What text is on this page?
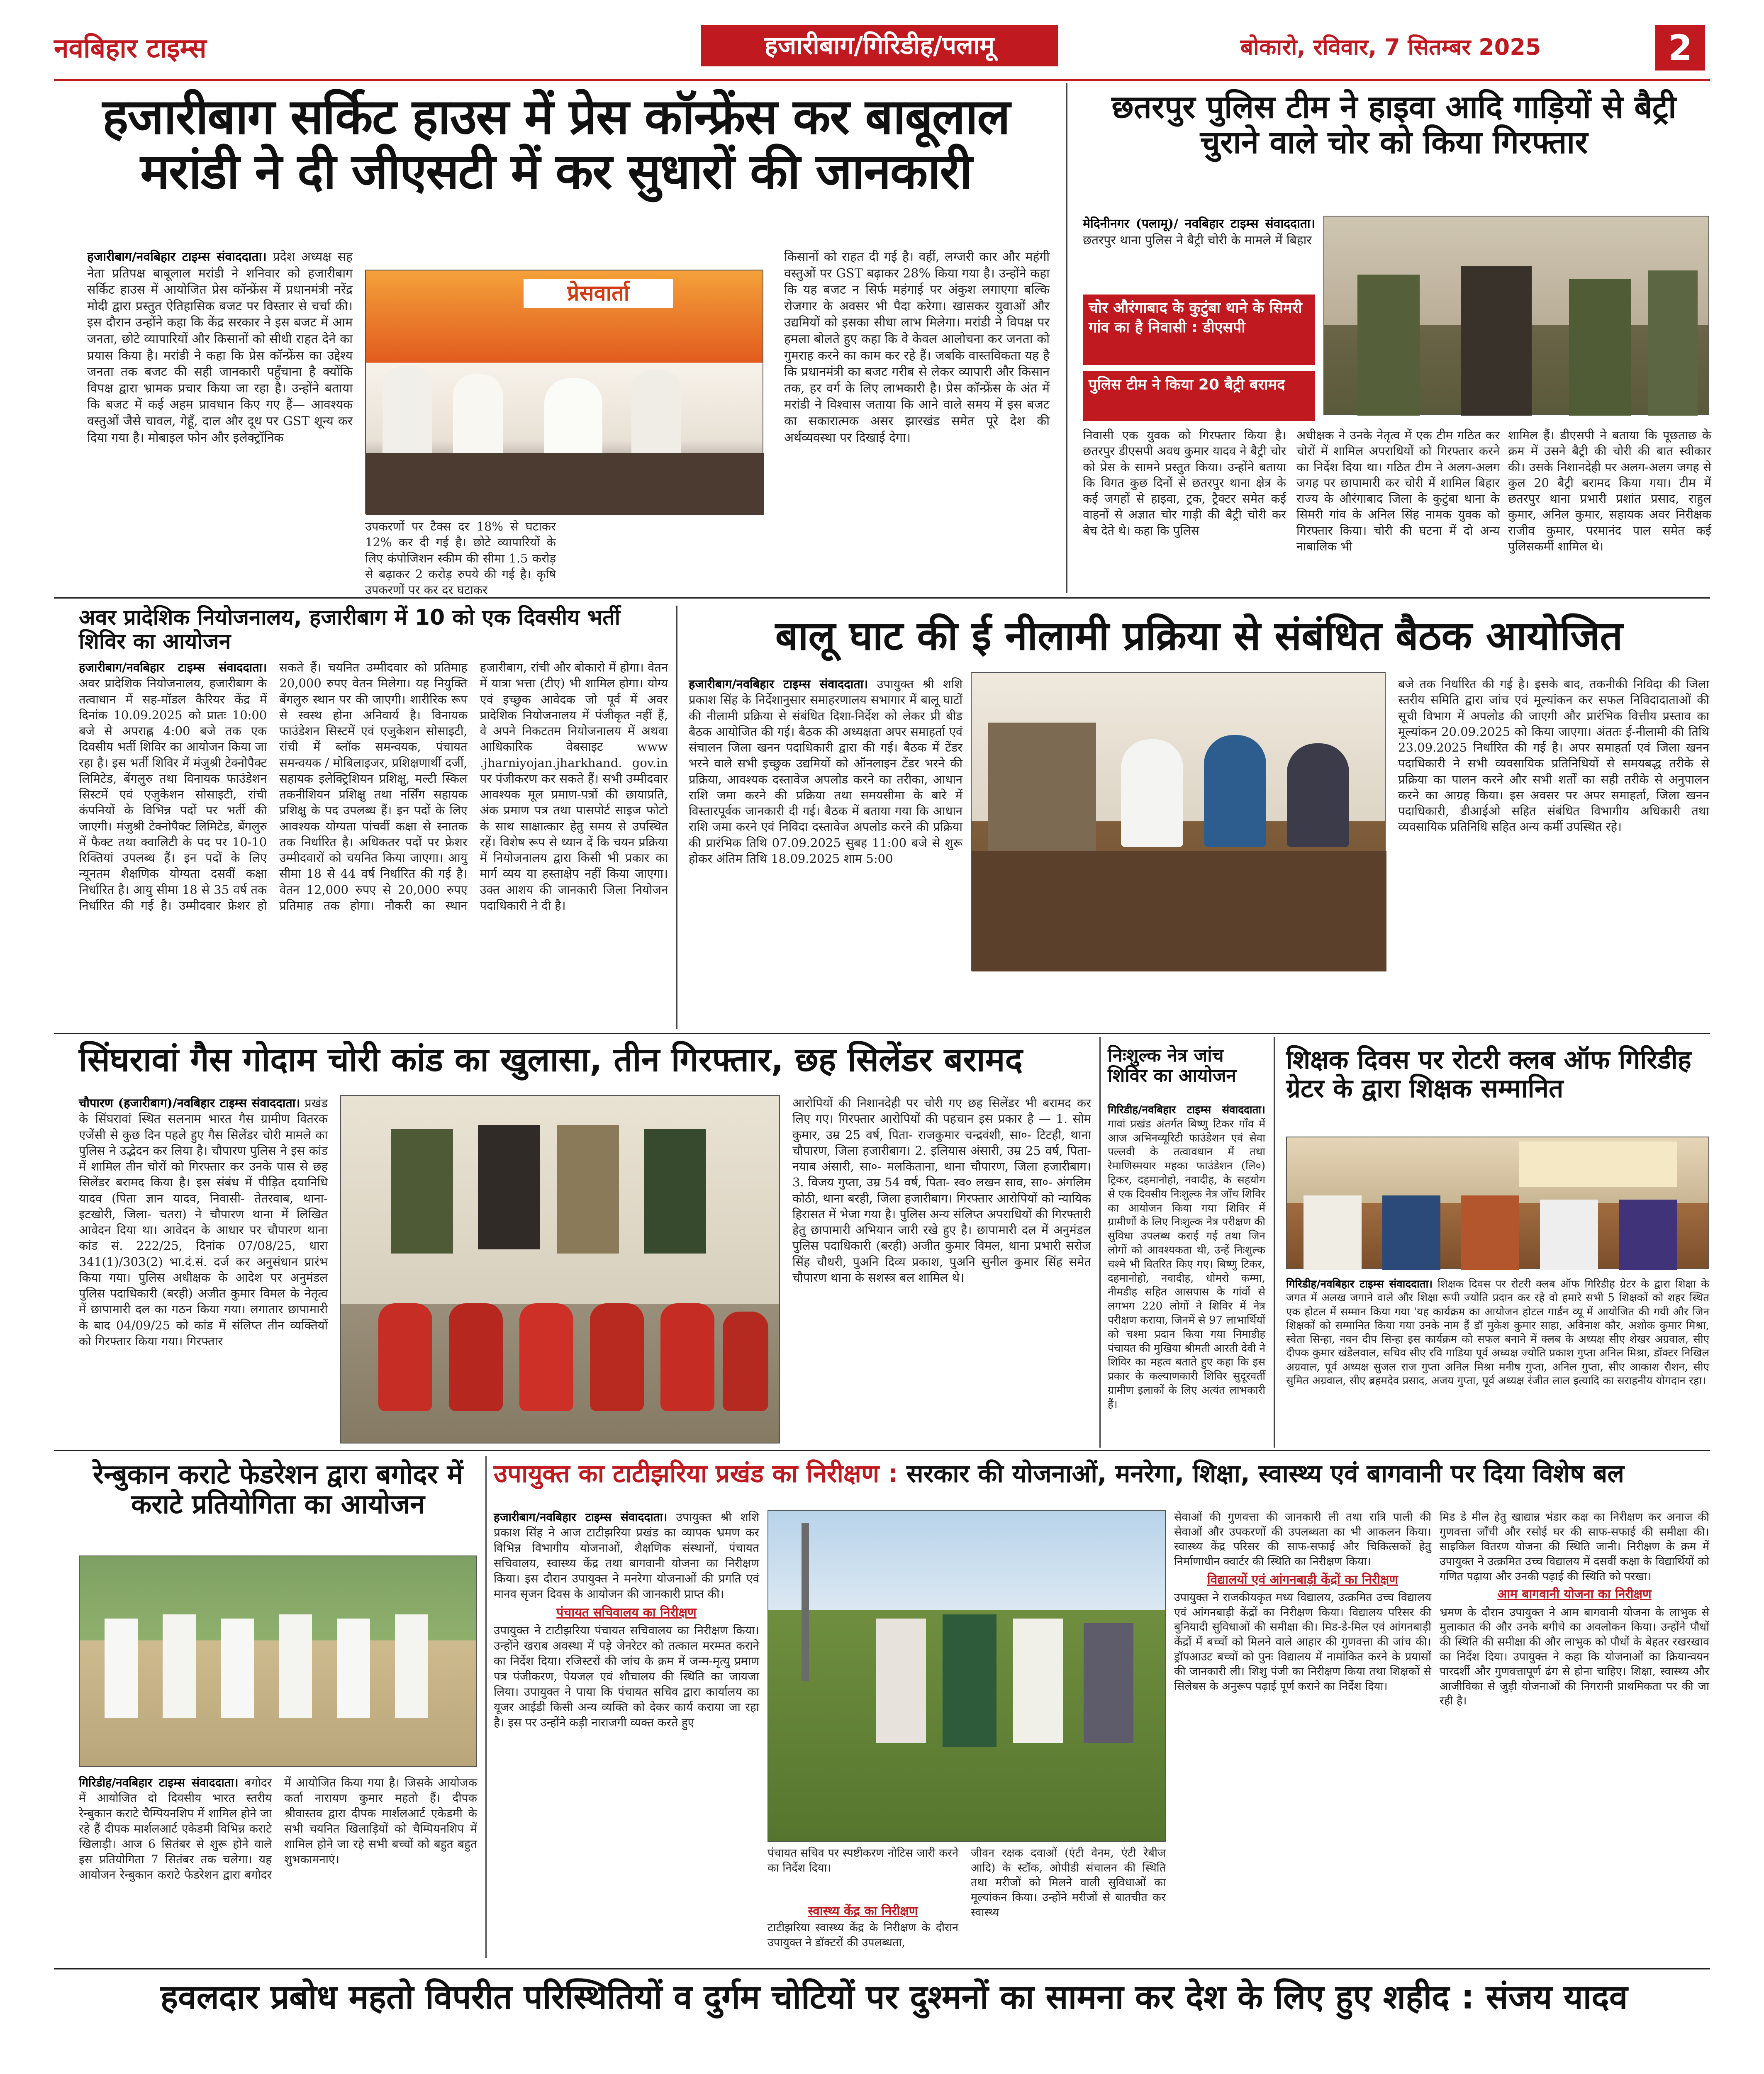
नवबिहार टाइम्स	हजारीबाग/गिरिडीह/पलामू	बोकारो, रविवार, 7 सितम्बर 2025	2
हजारीबाग सर्किट हाउस में प्रेस कॉन्फ्रेंस कर बाबूलाल मरांडी ने दी जीएसटी में कर सुधारों की जानकारी
हजारीबाग/नवबिहार टाइम्स संवाददाता। प्रदेश अध्यक्ष सह नेता प्रतिपक्ष बाबूलाल मरांडी ने शनिवार को हजारीबाग सर्किट हाउस में आयोजित प्रेस कॉन्फ्रेंस में प्रधानमंत्री नरेंद्र मोदी द्वारा प्रस्तुत ऐतिहासिक बजट पर विस्तार से चर्चा की। इस दौरान उन्होंने कहा कि केंद्र सरकार ने इस बजट में आम जनता, छोटे व्यापारियों और किसानों को सीधी राहत देने का प्रयास किया है। मरांडी ने कहा कि प्रेस कॉन्फ्रेंस का उद्देश्य जनता तक बजट की सही जानकारी पहुँचाना है क्योंकि विपक्ष द्वारा भ्रामक प्रचार किया जा रहा है। उन्होंने बताया कि बजट में कई अहम प्रावधान किए गए हैं— आवश्यक वस्तुओं जैसे चावल, गेहूँ, दाल और दूध पर GST शून्य कर दिया गया है। मोबाइल फोन और इलेक्ट्रॉनिक
प्रेसवार्ता
उपकरणों पर टैक्स दर 18% से घटाकर 12% कर दी गई है। छोटे व्यापारियों के लिए कंपोजिशन स्कीम की सीमा 1.5 करोड़ से बढ़ाकर 2 करोड़ रुपये की गई है। कृषि उपकरणों पर कर दर घटाकर
किसानों को राहत दी गई है। वहीं, लग्जरी कार और महंगी वस्तुओं पर GST बढ़ाकर 28% किया गया है। उन्होंने कहा कि यह बजट न सिर्फ महंगाई पर अंकुश लगाएगा बल्कि रोजगार के अवसर भी पैदा करेगा। खासकर युवाओं और उद्यमियों को इसका सीधा लाभ मिलेगा। मरांडी ने विपक्ष पर हमला बोलते हुए कहा कि वे केवल आलोचना कर जनता को गुमराह करने का काम कर रहे हैं। जबकि वास्तविकता यह है कि प्रधानमंत्री का बजट गरीब से लेकर व्यापारी और किसान तक, हर वर्ग के लिए लाभकारी है। प्रेस कॉन्फ्रेंस के अंत में मरांडी ने विश्वास जताया कि आने वाले समय में इस बजट का सकारात्मक असर झारखंड समेत पूरे देश की अर्थव्यवस्था पर दिखाई देगा।
छतरपुर पुलिस टीम ने हाइवा आदि गाड़ियों से बैट्री चुराने वाले चोर को किया गिरफ्तार
मेदिनीनगर (पलामू)/ नवबिहार टाइम्स संवाददाता। छतरपुर थाना पुलिस ने बैट्री चोरी के मामले में बिहार
चोर औरंगाबाद के कुटुंबा थाने के सिमरी गांव का है निवासी : डीएसपी
पुलिस टीम ने किया 20 बैट्री बरामद
निवासी एक युवक को गिरफ्तार किया है। छतरपुर डीएसपी अवध कुमार यादव ने बैट्री चोर को प्रेस के सामने प्रस्तुत किया। उन्होंने बताया कि विगत कुछ दिनों से छतरपुर थाना क्षेत्र के कई जगहों से हाइवा, ट्रक, ट्रैक्टर समेत कई वाहनों से अज्ञात चोर गाड़ी की बैट्री चोरी कर बेच देते थे। कहा कि पुलिस
अधीक्षक ने उनके नेतृत्व में एक टीम गठित कर चोरों में शामिल अपराधियों को गिरफ्तार करने का निर्देश दिया था। गठित टीम ने अलग-अलग जगह पर छापामारी कर चोरी में शामिल बिहार राज्य के औरंगाबाद जिला के कुटुंबा थाना के सिमरी गांव के अनिल सिंह नामक युवक को गिरफ्तार किया। चोरी की घटना में दो अन्य नाबालिक भी
शामिल हैं। डीएसपी ने बताया कि पूछताछ के क्रम में उसने बैट्री की चोरी की बात स्वीकार की। उसके निशानदेही पर अलग-अलग जगह से कुल 20 बैट्री बरामद किया गया। टीम में छतरपुर थाना प्रभारी प्रशांत प्रसाद, राहुल कुमार, अनिल कुमार, सहायक अवर निरीक्षक राजीव कुमार, परमानंद पाल समेत कई पुलिसकर्मी शामिल थे।
अवर प्रादेशिक नियोजनालय, हजारीबाग में 10 को एक दिवसीय भर्ती शिविर का आयोजन
हजारीबाग/नवबिहार टाइम्स संवाददाता। अवर प्रादेशिक नियोजनालय, हजारीबाग के तत्वाधान में सह-मॉडल कैरियर केंद्र में दिनांक 10.09.2025 को प्रातः 10:00 बजे से अपराह्न 4:00 बजे तक एक दिवसीय भर्ती शिविर का आयोजन किया जा रहा है। इस भर्ती शिविर में मंजुश्री टेक्नोपैक्ट लिमिटेड, बेंगलुरु तथा विनायक फाउंडेशन सिस्टमें एवं एजुकेशन सोसाइटी, रांची कंपनियों के विभिन्न पदों पर भर्ती की जाएगी। मंजुश्री टेक्नोपैक्ट लिमिटेड, बेंगलुरु में फैक्ट तथा क्वालिटी के पद पर 10-10 रिक्तियां उपलब्ध हैं। इन पदों के लिए न्यूनतम शैक्षणिक योग्यता दसवीं कक्षा निर्धारित है। आयु सीमा 18 से 35 वर्ष तक निर्धारित की गई है। उम्मीदवार फ्रेशर हो सकते हैं। चयनित उम्मीदवार को प्रतिमाह 20,000 रुपए वेतन मिलेगा। यह नियुक्ति बेंगलुरु स्थान पर की जाएगी। शारीरिक रूप से स्वस्थ होना अनिवार्य है। विनायक फाउंडेशन सिस्टमें एवं एजुकेशन सोसाइटी, रांची में ब्लॉक समन्वयक, पंचायत समन्वयक / मोबिलाइजर, प्रशिक्षणार्थी दर्जी, सहायक इलेक्ट्रिशियन प्रशिक्षु, मल्टी स्किल तकनीशियन प्रशिक्षु तथा नर्सिंग सहायक प्रशिक्षु के पद उपलब्ध हैं। इन पदों के लिए आवश्यक योग्यता पांचवीं कक्षा से स्नातक तक निर्धारित है। अधिकतर पदों पर फ्रेशर उम्मीदवारों को चयनित किया जाएगा। आयु सीमा 18 से 44 वर्ष निर्धारित की गई है। वेतन 12,000 रुपए से 20,000 रुपए प्रतिमाह तक होगा। नौकरी का स्थान हजारीबाग, रांची और बोकारो में होगा। वेतन में यात्रा भत्ता (टीए) भी शामिल होगा। योग्य एवं इच्छुक आवेदक जो पूर्व में अवर प्रादेशिक नियोजनालय में पंजीकृत नहीं हैं, वे अपने निकटतम नियोजनालय में अथवा आधिकारिक वेबसाइट www .jharniyojan.jharkhand. gov.in पर पंजीकरण कर सकते हैं। सभी उम्मीदवार आवश्यक मूल प्रमाण-पत्रों की छायाप्रति, अंक प्रमाण पत्र तथा पासपोर्ट साइज फोटो के साथ साक्षात्कार हेतु समय से उपस्थित रहें। विशेष रूप से ध्यान दें कि चयन प्रक्रिया में नियोजनालय द्वारा किसी भी प्रकार का मार्ग व्यय या हस्ताक्षेप नहीं किया जाएगा। उक्त आशय की जानकारी जिला नियोजन पदाधिकारी ने दी है।
बालू घाट की ई नीलामी प्रक्रिया से संबंधित बैठक आयोजित
हजारीबाग/नवबिहार टाइम्स संवाददाता। उपायुक्त श्री शशि प्रकाश सिंह के निर्देशानुसार समाहरणालय सभागार में बालू घाटों की नीलामी प्रक्रिया से संबंधित दिशा-निर्देश को लेकर प्री बीड बैठक आयोजित की गई। बैठक की अध्यक्षता अपर समाहर्ता एवं संचालन जिला खनन पदाधिकारी द्वारा की गई। बैठक में टेंडर भरने वाले सभी इच्छुक उद्यमियों को ऑनलाइन टेंडर भरने की प्रक्रिया, आवश्यक दस्तावेज अपलोड करने का तरीका, आधान राशि जमा करने की प्रक्रिया तथा समयसीमा के बारे में विस्तारपूर्वक जानकारी दी गई। बैठक में बताया गया कि आधान राशि जमा करने एवं निविदा दस्तावेज अपलोड करने की प्रक्रिया की प्रारंभिक तिथि 07.09.2025 सुबह 11:00 बजे से शुरू होकर अंतिम तिथि 18.09.2025 शाम 5:00
बजे तक निर्धारित की गई है। इसके बाद, तकनीकी निविदा की जिला स्तरीय समिति द्वारा जांच एवं मूल्यांकन कर सफल निविदादाताओं की सूची विभाग में अपलोड की जाएगी और प्रारंभिक वित्तीय प्रस्ताव का मूल्यांकन 20.09.2025 को किया जाएगा। अंततः ई-नीलामी की तिथि 23.09.2025 निर्धारित की गई है। अपर समाहर्ता एवं जिला खनन पदाधिकारी ने सभी व्यवसायिक प्रतिनिधियों से समयबद्ध तरीके से प्रक्रिया का पालन करने और सभी शर्तों का सही तरीके से अनुपालन करने का आग्रह किया। इस अवसर पर अपर समाहर्ता, जिला खनन पदाधिकारी, डीआईओ सहित संबंधित विभागीय अधिकारी तथा व्यवसायिक प्रतिनिधि सहित अन्य कर्मी उपस्थित रहे।
सिंघरावां गैस गोदाम चोरी कांड का खुलासा, तीन गिरफ्तार, छह सिलेंडर बरामद
चौपारण (हजारीबाग)/नवबिहार टाइम्स संवाददाता। प्रखंड के सिंघरावां स्थित सलनाम भारत गैस ग्रामीण वितरक एजेंसी से कुछ दिन पहले हुए गैस सिलेंडर चोरी मामले का पुलिस ने उद्भेदन कर लिया है। चौपारण पुलिस ने इस कांड में शामिल तीन चोरों को गिरफ्तार कर उनके पास से छह सिलेंडर बरामद किया है। इस संबंध में पीड़ित दयानिधि यादव (पिता ज्ञान यादव, निवासी- तेतरवाब, थाना- इटखोरी, जिला- चतरा) ने चौपारण थाना में लिखित आवेदन दिया था। आवेदन के आधार पर चौपारण थाना कांड सं. 222/25, दिनांक 07/08/25, धारा 341(1)/303(2) भा.दं.सं. दर्ज कर अनुसंधान प्रारंभ किया गया। पुलिस अधीक्षक के आदेश पर अनुमंडल पुलिस पदाधिकारी (बरही) अजीत कुमार विमल के नेतृत्व में छापामारी दल का गठन किया गया। लगातार छापामारी के बाद 04/09/25 को कांड में संलिप्त तीन व्यक्तियों को गिरफ्तार किया गया। गिरफ्तार
आरोपियों की निशानदेही पर चोरी गए छह सिलेंडर भी बरामद कर लिए गए। गिरफ्तार आरोपियों की पहचान इस प्रकार है — 1. सोम कुमार, उम्र 25 वर्ष, पिता- राजकुमार चन्द्रवंशी, सा०- टिटही, थाना चौपारण, जिला हजारीबाग। 2. इलियास अंसारी, उम्र 25 वर्ष, पिता- नयाब अंसारी, सा०- मलकिताना, थाना चौपारण, जिला हजारीबाग। 3. विजय गुप्ता, उम्र 54 वर्ष, पिता- स्व० लखन साव, सा०- अंगलिम कोठी, थाना बरही, जिला हजारीबाग। गिरफ्तार आरोपियों को न्यायिक हिरासत में भेजा गया है। पुलिस अन्य संलिप्त अपराधियों की गिरफ्तारी हेतु छापामारी अभियान जारी रखे हुए है। छापामारी दल में अनुमंडल पुलिस पदाधिकारी (बरही) अजीत कुमार विमल, थाना प्रभारी सरोज सिंह चौधरी, पुअनि दिव्य प्रकाश, पुअनि सुनील कुमार सिंह समेत चौपारण थाना के सशस्त्र बल शामिल थे।
निःशुल्क नेत्र जांच शिविर का आयोजन
गिरिडीह/नवबिहार टाइम्स संवाददाता। गावां प्रखंड अंतर्गत बिष्णु टिकर गाँव में आज अभिनव्यूरिटी फाउंडेशन एवं सेवा पल्लवी के तत्वावधान में तथा रेमाणिस्मयार महका फाउंडेशन (लि०) ट्रिकर, दहमानोहो, नवादीह, के सहयोग से एक दिवसीय निःशुल्क नेत्र जाँच शिविर का आयोजन किया गया शिविर में ग्रामीणों के लिए निःशुल्क नेत्र परीक्षण की सुविधा उपलब्ध कराई गई तथा जिन लोगों को आवश्यकता थी, उन्हें निःशुल्क चश्मे भी वितरित किए गए। बिष्णु टिकर, दहमानोहो, नवादीह, धोमरो कम्मा, नीमडीह सहित आसपास के गांवों से लगभग 220 लोगों ने शिविर में नेत्र परीक्षण कराया, जिनमें से 97 लाभार्थियों को चश्मा प्रदान किया गया निमाडीह पंचायत की मुखिया श्रीमती आरती देवी ने शिविर का महत्व बताते हुए कहा कि इस प्रकार के कल्याणकारी शिविर सुदूरवर्ती ग्रामीण इलाकों के लिए अत्यंत लाभकारी हैं।
शिक्षक दिवस पर रोटरी क्लब ऑफ गिरिडीह ग्रेटर के द्वारा शिक्षक सम्मानित
गिरिडीह/नवबिहार टाइम्स संवाददाता। शिक्षक दिवस पर रोटरी क्लब ऑफ गिरिडीह ग्रेटर के द्वारा शिक्षा के जगत में अलख जगाने वाले और शिक्षा रूपी ज्योति प्रदान कर रहे वो हमारे सभी 5 शिक्षकों को शहर स्थित एक होटल में सम्मान किया गया 'यह कार्यक्रम का आयोजन होटल गार्डन व्यू में आयोजित की गयी और जिन शिक्षकों को सम्मानित किया गया उनके नाम हैं डॉ मुकेश कुमार साहा, अविनाश कौर, अशोक कुमार मिश्रा, स्वेता सिन्हा, नवन दीप सिन्हा इस कार्यक्रम को सफल बनाने में क्लब के अध्यक्ष सीए शेखर अग्रवाल, सीए दीपक कुमार खंडेलवाल, सचिव सीए रवि गाडिया पूर्व अध्यक्ष ज्योति प्रकाश गुप्ता अनिल मिश्रा, डॉक्टर निखिल अग्रवाल, पूर्व अध्यक्ष सुजल राज गुप्ता अनिल मिश्रा मनीष गुप्ता, अनिल गुप्ता, सीए आकाश रौशन, सीए सुमित अग्रवाल, सीए ब्रहमदेव प्रसाद, अजय गुप्ता, पूर्व अध्यक्ष रंजीत लाल इत्यादि का सराहनीय योगदान रहा।
रेन्बुकान कराटे फेडरेशन द्वारा बगोदर में कराटे प्रतियोगिता का आयोजन
गिरिडीह/नवबिहार टाइम्स संवाददाता। बगोदर में आयोजित दो दिवसीय भारत स्तरीय रेन्बुकान कराटे चैम्पियनशिप में शामिल होने जा रहे हैं दीपक मार्शलआर्ट एकेडमी विभिन्न कराटे खिलाड़ी। आज 6 सितंबर से शुरू होने वाले इस प्रतियोगिता 7 सितंबर तक चलेगा। यह आयोजन रेन्बुकान कराटे फेडरेशन द्वारा बगोदर में आयोजित किया गया है। जिसके आयोजक कर्ता नारायण कुमार महतो हैं। दीपक श्रीवास्तव द्वारा दीपक मार्शलआर्ट एकेडमी के सभी चयनित खिलाड़ियों को चैम्पियनशिप में शामिल होने जा रहे सभी बच्चों को बहुत बहुत शुभकामनाएं।
उपायुक्त का टाटीझरिया प्रखंड का निरीक्षण : सरकार की योजनाओं, मनरेगा, शिक्षा, स्वास्थ्य एवं बागवानी पर दिया विशेष बल
हजारीबाग/नवबिहार टाइम्स संवाददाता। उपायुक्त श्री शशि प्रकाश सिंह ने आज टाटीझरिया प्रखंड का व्यापक भ्रमण कर विभिन्न विभागीय योजनाओं, शैक्षणिक संस्थानों, पंचायत सचिवालय, स्वास्थ्य केंद्र तथा बागवानी योजना का निरीक्षण किया। इस दौरान उपायुक्त ने मनरेगा योजनाओं की प्रगति एवं मानव सृजन दिवस के आयोजन की जानकारी प्राप्त की।
पंचायत सचिवालय का निरीक्षण
उपायुक्त ने टाटीझरिया पंचायत सचिवालय का निरीक्षण किया। उन्होंने खराब अवस्था में पड़े जेनरेटर को तत्काल मरम्मत कराने का निर्देश दिया। रजिस्टरों की जांच के क्रम में जन्म-मृत्यु प्रमाण पत्र पंजीकरण, पेयजल एवं शौचालय की स्थिति का जायजा लिया। उपायुक्त ने पाया कि पंचायत सचिव द्वारा कार्यालय का यूजर आईडी किसी अन्य व्यक्ति को देकर कार्य कराया जा रहा है। इस पर उन्होंने कड़ी नाराजगी व्यक्त करते हुए
पंचायत सचिव पर स्पष्टीकरण नोटिस जारी करने का निर्देश दिया।
स्वास्थ्य केंद्र का निरीक्षण
टाटीझरिया स्वास्थ्य केंद्र के निरीक्षण के दौरान उपायुक्त ने डॉक्टरों की उपलब्धता,
जीवन रक्षक दवाओं (एंटी वेनम, एंटी रेबीज आदि) के स्टॉक, ओपीडी संचालन की स्थिति तथा मरीजों को मिलने वाली सुविधाओं का मूल्यांकन किया। उन्होंने मरीजों से बातचीत कर स्वास्थ्य
सेवाओं की गुणवत्ता की जानकारी ली तथा रात्रि पाली की सेवाओं और उपकरणों की उपलब्धता का भी आकलन किया। स्वास्थ्य केंद्र परिसर की साफ-सफाई और चिकित्सकों हेतु निर्माणाधीन क्वार्टर की स्थिति का निरीक्षण किया।
विद्यालयों एवं आंगनबाड़ी केंद्रों का निरीक्षण
उपायुक्त ने राजकीयकृत मध्य विद्यालय, उत्क्रमित उच्च विद्यालय एवं आंगनबाड़ी केंद्रों का निरीक्षण किया। विद्यालय परिसर की बुनियादी सुविधाओं की समीक्षा की। मिड-डे-मिल एवं आंगनबाड़ी केंद्रों में बच्चों को मिलने वाले आहार की गुणवत्ता की जांच की। ड्रॉपआउट बच्चों को पुनः विद्यालय में नामांकित करने के प्रयासों की जानकारी ली। शिशु पंजी का निरीक्षण किया तथा शिक्षकों से सिलेबस के अनुरूप पढ़ाई पूर्ण कराने का निर्देश दिया।
मिड डे मील हेतु खाद्यान्न भंडार कक्ष का निरीक्षण कर अनाज की गुणवत्ता जाँची और रसोई घर की साफ-सफाई की समीक्षा की। साइकिल वितरण योजना की स्थिति जानी। निरीक्षण के क्रम में उपायुक्त ने उत्क्रमित उच्च विद्यालय में दसवीं कक्षा के विद्यार्थियों को गणित पढ़ाया और उनकी पढ़ाई की स्थिति को परखा।
आम बागवानी योजना का निरीक्षण
भ्रमण के दौरान उपायुक्त ने आम बागवानी योजना के लाभुक से मुलाकात की और उनके बगीचे का अवलोकन किया। उन्होंने पौधों की स्थिति की समीक्षा की और लाभुक को पौधों के बेहतर रखरखाव का निर्देश दिया। उपायुक्त ने कहा कि योजनाओं का क्रियान्वयन पारदर्शी और गुणवत्तापूर्ण ढंग से होना चाहिए। शिक्षा, स्वास्थ्य और आजीविका से जुड़ी योजनाओं की निगरानी प्राथमिकता पर की जा रही है।
हवलदार प्रबोध महतो विपरीत परिस्थितियों व दुर्गम चोटियों पर दुश्मनों का सामना कर देश के लिए हुए शहीद : संजय यादव
